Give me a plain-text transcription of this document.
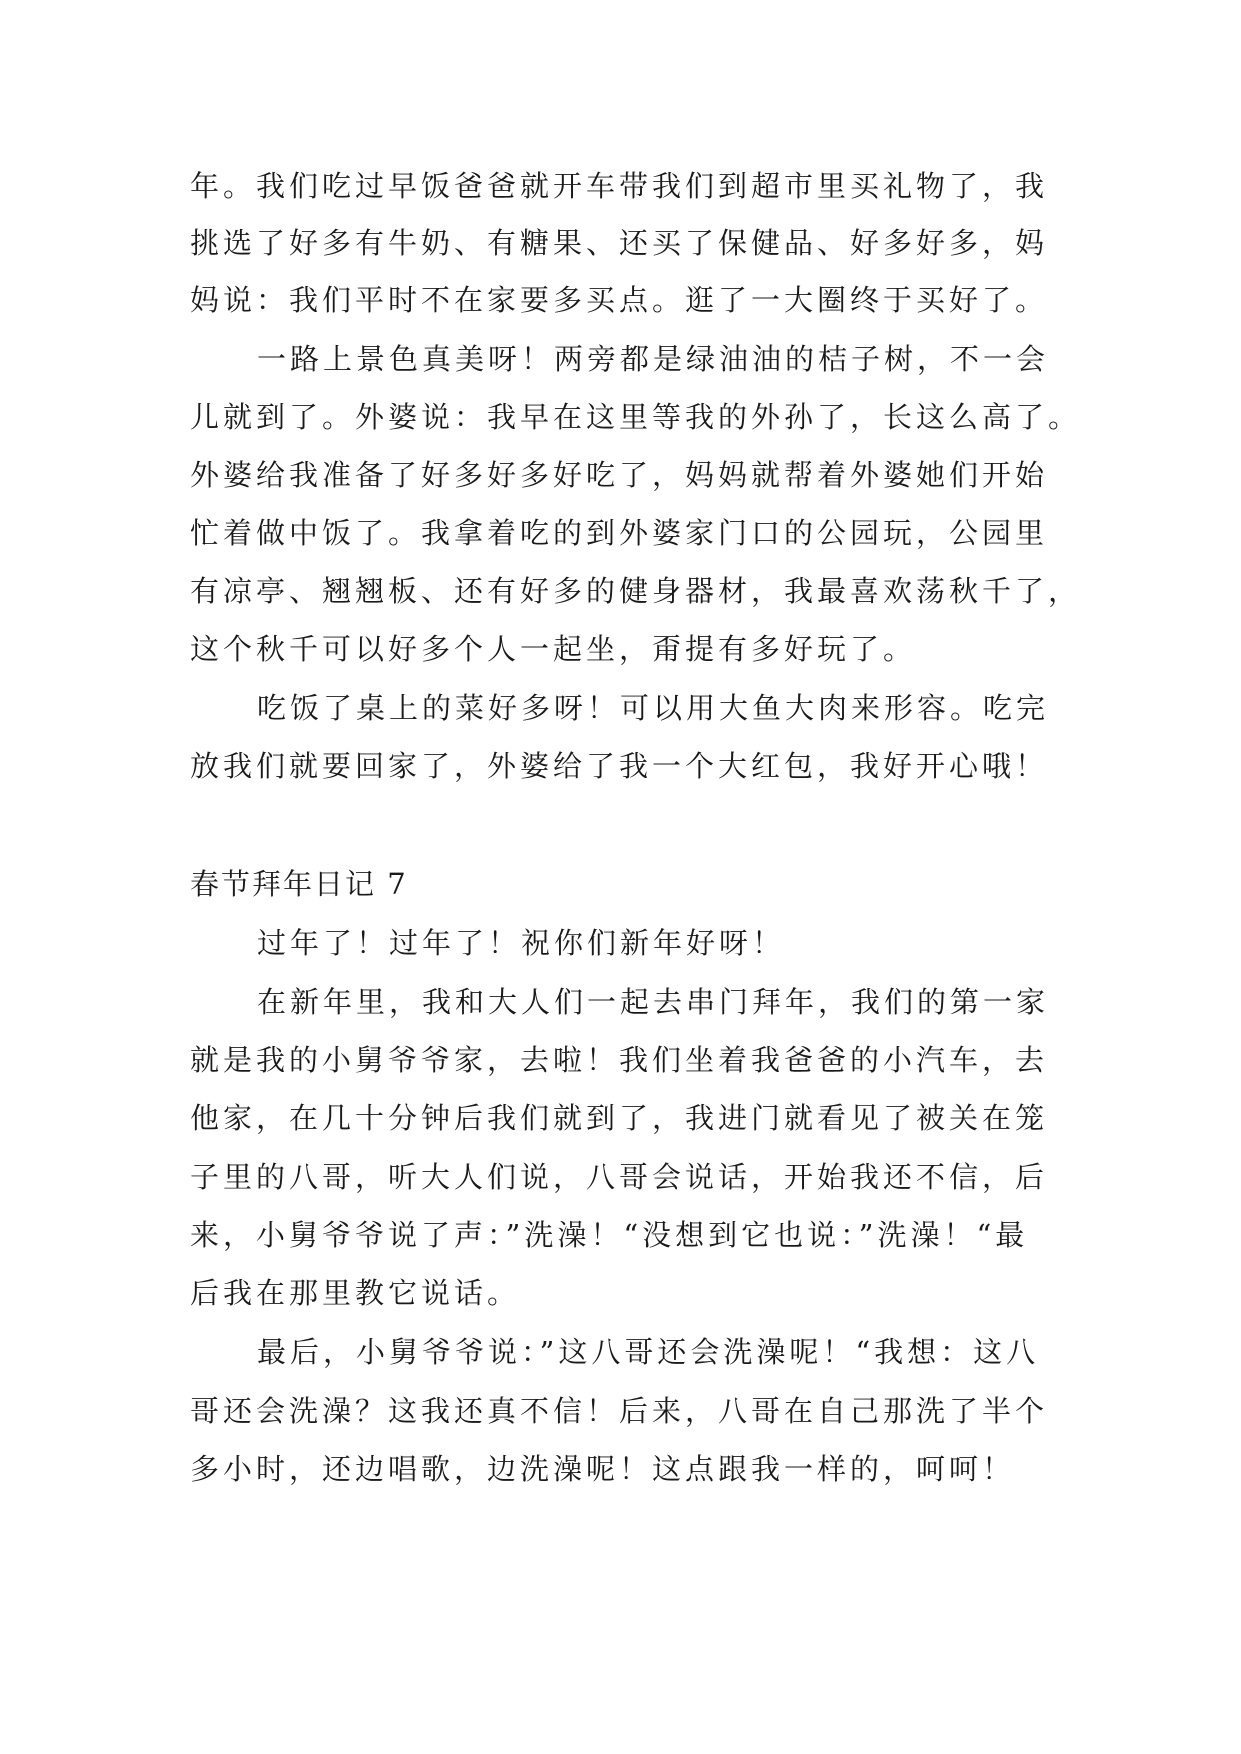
年。我们吃过早饭爸爸就开车带我们到超市里买礼物了，我
挑选了好多有牛奶、有糖果、还买了保健品、好多好多，妈
妈说：我们平时不在家要多买点。逛了一大圈终于买好了。
一路上景色真美呀！两旁都是绿油油的桔子树，不一会
儿就到了。外婆说：我早在这里等我的外孙了，长这么高了。
外婆给我准备了好多好多好吃了，妈妈就帮着外婆她们开始
忙着做中饭了。我拿着吃的到外婆家门口的公园玩，公园里
有凉亭、翘翘板、还有好多的健身器材，我最喜欢荡秋千了，
这个秋千可以好多个人一起坐，甭提有多好玩了。
吃饭了桌上的菜好多呀！可以用大鱼大肉来形容。吃完
放我们就要回家了，外婆给了我一个大红包，我好开心哦！
春节拜年日记 7
过年了！过年了！祝你们新年好呀！
在新年里，我和大人们一起去串门拜年，我们的第一家
就是我的小舅爷爷家，去啦！我们坐着我爸爸的小汽车，去
他家，在几十分钟后我们就到了，我进门就看见了被关在笼
子里的八哥，听大人们说，八哥会说话，开始我还不信，后
来，小舅爷爷说了声：”洗澡！“没想到它也说：”洗澡！“最
后我在那里教它说话。
最后，小舅爷爷说：”这八哥还会洗澡呢！“我想：这八
哥还会洗澡？这我还真不信！后来，八哥在自己那洗了半个
多小时，还边唱歌，边洗澡呢！这点跟我一样的，呵呵！
